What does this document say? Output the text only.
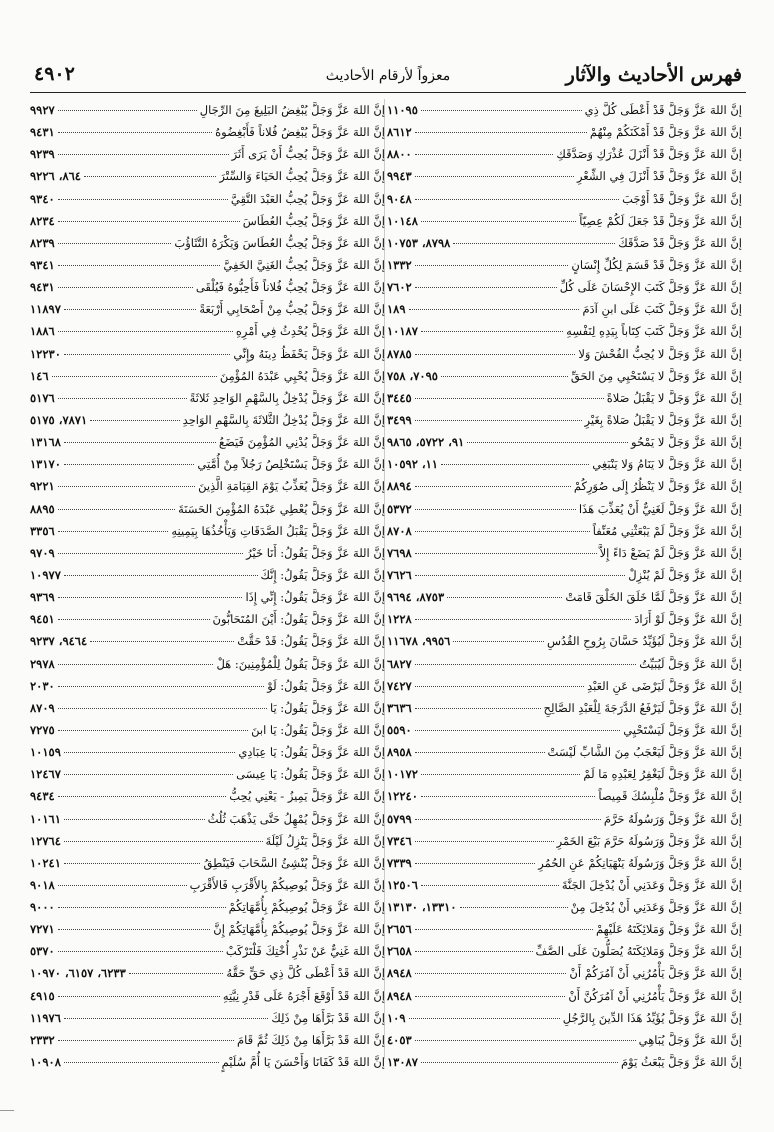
فهرس الأحاديث والآثار
معزواً لأرقام الأحاديث
٤٩٠٢
إنَّ اللهَ عَزَّ وَجَلَّ قَدْ أَعْطَى كُلَّ ذِي
١١٠٩٥
إنَّ اللهَ عَزَّ وَجَلَّ قَدْ أَمْكَنَكُمْ مِنْهُمْ
٨٦١٢
إنَّ اللهَ عَزَّ وَجَلَّ قَدْ أَنْزَلَ عُذْرَكِ وَصَدَّقَكِ
٨٨٠٠
إنَّ اللهَ عَزَّ وَجَلَّ قَدْ أَنْزَلَ فِي الشِّعْرِ
٩٩٤٣
إنَّ اللهَ عَزَّ وَجَلَّ قَدْ أَوْجَبَ
٩٠٤٨
إنَّ اللهَ عَزَّ وَجَلَّ قَدْ جَعَلَ لَكُمْ عِصِيّاً
١٠١٤٨
إنَّ اللهَ عَزَّ وَجَلَّ قَدْ صَدَّقَكَ
٨٧٩٨، ١٠٧٥٣
إنَّ اللهَ عَزَّ وَجَلَّ قَدْ قَسَمَ لِكُلِّ إِنْسَانٍ
١٣٣٢
إنَّ اللهَ عَزَّ وَجَلَّ كَتَبَ الإِحْسَانَ عَلَى كُلِّ
٧٦٠٢
إنَّ اللهَ عَزَّ وَجَلَّ كَتَبَ عَلَى ابنِ آدَمَ
١٨٩
إنَّ اللهَ عَزَّ وَجَلَّ كَتَبَ كِتَاباً بِيَدِهِ لِنَفْسِهِ
١٠١٨٧
إنَّ اللهَ عَزَّ وَجَلَّ لا يُحِبُّ الفُحْشَ وَلا
٨٧٨٥
إنَّ اللهَ عَزَّ وَجَلَّ لا يَسْتَحْيِي مِنَ الحَقِّ
٧٠٩٥، ٧٥٨
إنَّ اللهَ عَزَّ وَجَلَّ لا يَقْبَلُ صَلاةً
٣٤٤٥
إنَّ اللهَ عَزَّ وَجَلَّ لا يَقْبَلُ صَلاةً بِغَيْرِ
٣٤٩٩
إنَّ اللهَ عَزَّ وَجَلَّ لا يَمْحُو
٩١، ٥٧٢٢، ٩٨٦٥
إنَّ اللهَ عَزَّ وَجَلَّ لا يَنَامُ وَلا يَنْبَغِي
١١، ١٠٥٩٢
إنَّ اللهَ عَزَّ وَجَلَّ لا يَنْظُرُ إِلَى صُوَرِكُمْ
٨٨٩٤
إنَّ اللهَ عَزَّ وَجَلَّ لَغَنِيٌّ أَنْ يُعَذِّبَ هَذَا
٥٣٧٢
إنَّ اللهَ عَزَّ وَجَلَّ لَمْ يَبْعَثْنِي مُعَنِّفاً
٨٧٠٨
إنَّ اللهَ عَزَّ وَجَلَّ لَمْ يَضَعْ دَاءً إِلاَّ
٧٦٩٨
إنَّ اللهَ عَزَّ وَجَلَّ لَمْ يُنْزِلْ
٧٦٢٦
إنَّ اللهَ عَزَّ وَجَلَّ لَمَّا خَلَقَ الخَلْقَ قَامَتْ
٨٧٥٣، ٩٦٩٤
إنَّ اللهَ عَزَّ وَجَلَّ لَوْ أَرَادَ
١٢٢٨
إنَّ اللهَ عَزَّ وَجَلَّ لَيُؤَيِّدُ حَسَّانَ بِرُوحِ القُدُسِ
٩٩٥٦، ١١٦٧٨
إنَّ اللهَ عَزَّ وَجَلَّ لَيُبَيِّتُ
٦٨٢٧
إنَّ اللهَ عَزَّ وَجَلَّ لَيَرْضَى عَنِ العَبْدِ
٧٤٢٧
إنَّ اللهَ عَزَّ وَجَلَّ لَيَرْفَعُ الدَّرَجَةَ لِلْعَبْدِ الصَّالِحِ
٣٦٣٦
إنَّ اللهَ عَزَّ وَجَلَّ لَيَسْتَحْيِي
٥٥٩٠
إنَّ اللهَ عَزَّ وَجَلَّ لَيَعْجَبُ مِنَ الشَّابِّ لَيْسَتْ
٨٩٥٨
إنَّ اللهَ عَزَّ وَجَلَّ لَيَغْفِرُ لِعَبْدِهِ مَا لَمْ
١٠١٧٢
إنَّ اللهَ عَزَّ وَجَلَّ مُلْبِسُكَ قَمِيصاً
١٢٢٤٠
إنَّ اللهَ عَزَّ وَجَلَّ وَرَسُولَهُ حَرَّمَ
٥٧٩٩
إنَّ اللهَ عَزَّ وَجَلَّ وَرَسُولَهُ حَرَّمَ بَيْعَ الخَمْرِ
٧٣٤٦
إنَّ اللهَ عَزَّ وَجَلَّ وَرَسُولَهُ يَنْهَيَانِكُمْ عَنِ الحُمُرِ
٧٣٣٩
إنَّ اللهَ عَزَّ وَجَلَّ وَعَدَنِي أَنْ يُدْخِلَ الجَنَّةَ
١٢٥٠٦
إنَّ اللهَ عَزَّ وَجَلَّ وَعَدَنِي أَنْ يُدْخِلَ مِنْ
١٣٣١٠، ١٣١٣٠
إنَّ اللهَ عَزَّ وَجَلَّ وَمَلائِكَتَهُ عَلَيْهِمْ
٢٦٥٦
إنَّ اللهَ عَزَّ وَجَلَّ وَمَلائِكَتَهُ يُصَلُّونَ عَلَى الصَّفِّ
٢٦٥٨
إنَّ اللهَ عَزَّ وَجَلَّ يَأْمُرُنِي أَنْ آمُرَكُمْ أَنْ
٨٩٤٨
إنَّ اللهَ عَزَّ وَجَلَّ يَأْمُرُنِي أَنْ آمُرَكُنَّ أَنْ
٨٩٤٨
إنَّ اللهَ عَزَّ وَجَلَّ يُؤَيِّدُ هَذَا الدِّينَ بِالرَّجُلِ
١٠٩
إنَّ اللهَ عَزَّ وَجَلَّ يُبَاهِي
٤٠٥٣
إنَّ اللهَ عَزَّ وَجَلَّ يَبْعَثُ يَوْمَ
١٣٠٨٧
إنَّ اللهَ عَزَّ وَجَلَّ يُبْغِضُ البَلِيغَ مِنَ الرِّجَالِ
٩٩٢٧
إنَّ اللهَ عَزَّ وَجَلَّ يُبْغِضُ فُلاناً فَأَبْغِضُوهُ
٩٤٣١
إنَّ اللهَ عَزَّ وَجَلَّ يُحِبُّ أَنْ يَرَى أَثَرَ
٩٢٣٩
إنَّ اللهَ عَزَّ وَجَلَّ يُحِبُّ الحَيَاءَ وَالسِّتْرَ
٨٦٤، ٩٢٢٦
إنَّ اللهَ عَزَّ وَجَلَّ يُحِبُّ العَبْدَ التَّقِيَّ
٩٣٤٠
إنَّ اللهَ عَزَّ وَجَلَّ يُحِبُّ العُطَاسَ
٨٢٣٤
إنَّ اللهَ عَزَّ وَجَلَّ يُحِبُّ العُطَاسَ وَيَكْرَهُ التَّثَاؤُبَ
٨٢٣٩
إنَّ اللهَ عَزَّ وَجَلَّ يُحِبُّ الغَنِيَّ الخَفِيَّ
٩٣٤١
إنَّ اللهَ عَزَّ وَجَلَّ يُحِبُّ فُلاناً فَأَحِبُّوهُ فَيُلْقَى
٩٤٣١
إنَّ اللهَ عَزَّ وَجَلَّ يُحِبُّ مِنْ أَصْحَابِي أَرْبَعَةً
١١٨٩٧
إنَّ اللهَ عَزَّ وَجَلَّ يُحْدِثُ فِي أَمْرِهِ
١٨٨٦
إنَّ اللهَ عَزَّ وَجَلَّ يَحْفَظُ دِينَهُ وإِنِّي
١٢٢٣٠
إنَّ اللهَ عَزَّ وَجَلَّ يُحْيِي عَبْدَهُ المُؤْمِنَ
١٤٦
إنَّ اللهَ عَزَّ وَجَلَّ يُدْخِلُ بِالسَّهْمِ الوَاحِدِ ثَلاثَةً
٥١٧٦
إنَّ اللهَ عَزَّ وَجَلَّ يُدْخِلُ الثَّلاثَةَ بِالسَّهْمِ الوَاحِدِ
٧٨٧١، ٥١٧٥
إنَّ اللهَ عَزَّ وَجَلَّ يُدْنِي المُؤْمِنَ فَيَضَعُ
١٣١٦٨
إنَّ اللهَ عَزَّ وَجَلَّ يَسْتَخْلِصُ رَجُلاً مِنْ أُمَّتِي
١٣١٧٠
إنَّ اللهَ عَزَّ وَجَلَّ يُعَذِّبُ يَوْمَ القِيَامَةِ الَّذِينَ
٩٢٢١
إنَّ اللهَ عَزَّ وَجَلَّ يُعْطِي عَبْدَهُ المُؤْمِنَ الحَسَنَةَ
٨٨٩٥
إنَّ اللهَ عَزَّ وَجَلَّ يَقْبَلُ الصَّدَقَاتِ وَيَأْخُذُهَا بِيَمِينِهِ
٣٣٥٦
إنَّ اللهَ عَزَّ وَجَلَّ يَقُولُ: أَنَا خَيْرُ
٩٧٠٩
إنَّ اللهَ عَزَّ وَجَلَّ يَقُولُ: إِنَّكَ
١٠٩٧٧
إنَّ اللهَ عَزَّ وَجَلَّ يَقُولُ: إِنِّي إِذَا
٩٣٦٩
إنَّ اللهَ عَزَّ وَجَلَّ يَقُولُ: أَيْنَ المُتَحَابُّونَ
٩٤٥١
إنَّ اللهَ عَزَّ وَجَلَّ يَقُولُ: قَدْ حَقَّتْ
٩٤٦٤، ٩٢٣٧
إنَّ اللهَ عَزَّ وَجَلَّ يَقُولُ لِلْمُؤْمِنِينَ: هَلْ
٢٩٧٨
إنَّ اللهَ عَزَّ وَجَلَّ يَقُولُ: لَوْ
٢٠٣٠
إنَّ اللهَ عَزَّ وَجَلَّ يَقُولُ: يَا
٨٧٠٩
إنَّ اللهَ عَزَّ وَجَلَّ يَقُولُ: يَا ابنَ
٧٢٧٥
إنَّ اللهَ عَزَّ وَجَلَّ يَقُولُ: يَا عِبَادِي
١٠١٥٩
إنَّ اللهَ عَزَّ وَجَلَّ يَقُولُ: يَا عِيسَى
١٢٤٦٧
إنَّ اللهَ عَزَّ وَجَلَّ يَمِيزُ - يَعْنِي يُحِبُّ
٩٤٣٤
إنَّ اللهَ عَزَّ وَجَلَّ يُمْهِلُ حَتَّى يَذْهَبَ ثُلُثُ
١٠١٦١
إنَّ اللهَ عَزَّ وَجَلَّ يَنْزِلُ لَيْلَةَ
١٢٧٦٤
إنَّ اللهَ عَزَّ وَجَلَّ يُنْشِئُ السَّحَابَ فَيَنْطِقُ
١٠٢٤١
إنَّ اللهَ عَزَّ وَجَلَّ يُوصِيكُمْ بِالأَقْرَبِ فَالأَقْرَبِ
٩٠١٨
إنَّ اللهَ عَزَّ وَجَلَّ يُوصِيكُمْ بِأُمَّهَاتِكُمْ
٩٠٠٠
إنَّ اللهَ عَزَّ وَجَلَّ يُوصِيكُمْ بِأُمَّهَاتِكُمْ إِنَّ
٧٢٧١
إنَّ اللهَ غَنِيٌّ عَنْ نَذْرِ أُخْتِكَ فَلْتَرْكَبْ
٥٣٧٠
إنَّ اللهَ قَدْ أَعْطَى كُلَّ ذِي حَقٍّ حَقَّهُ
٦٢٣٣، ٦١٥٧، ١٠٩٧٠
إنَّ اللهَ قَدْ أَوْقَعَ أَجْرَهُ عَلَى قَدْرِ نِيَّتِهِ
٤٩١٥
إنَّ اللهَ قَدْ بَرَّأَهَا مِنْ ذَلِكَ
١١٩٧٦
إنَّ اللهَ قَدْ بَرَّأَهَا مِنْ ذَلِكَ ثُمَّ قَامَ
٢٣٣٢
إنَّ اللهَ قَدْ كَفَانَا وَأَحْسَنَ يَا أُمَّ سُلَيْمٍ
١٠٩٠٨
